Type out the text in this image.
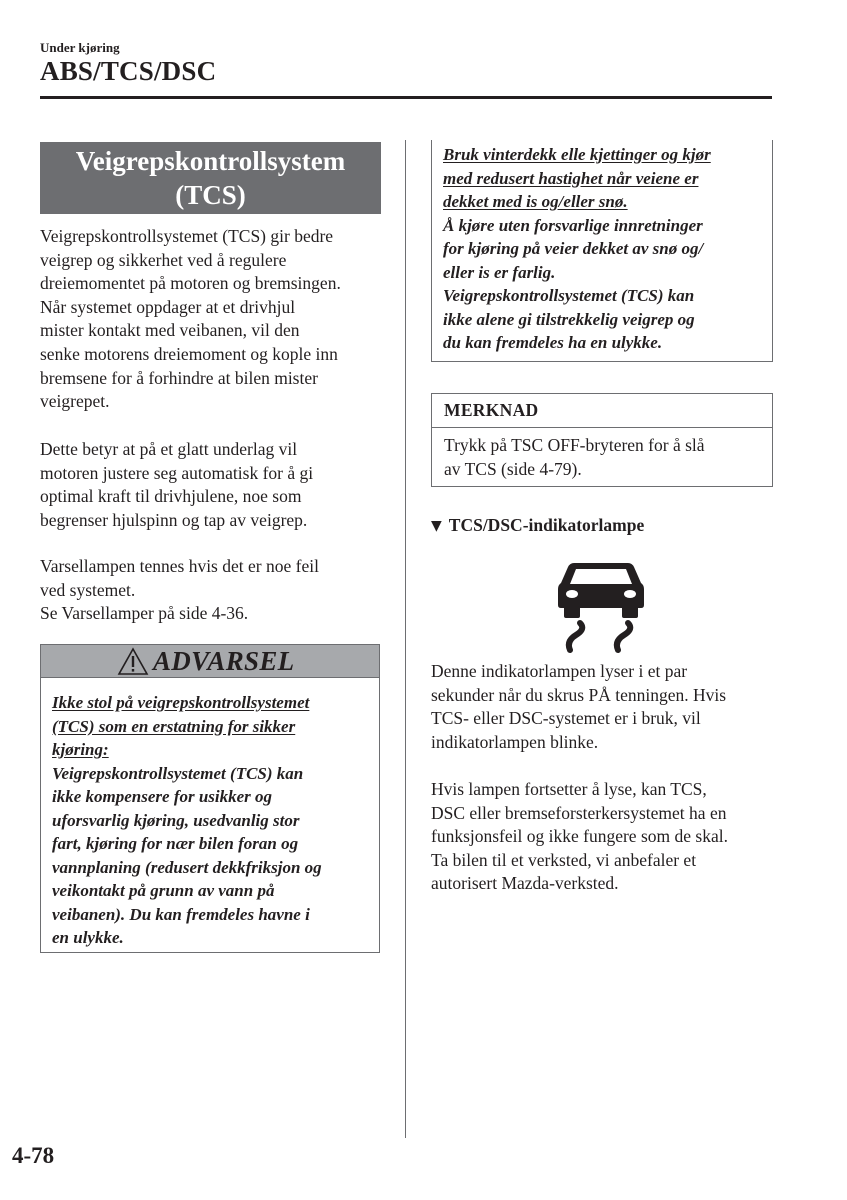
Under kjøring
ABS/TCS/DSC
Veigrepskontrollsystem
(TCS)
Veigrepskontrollsystemet (TCS) gir bedre
veigrep og sikkerhet ved å regulere
dreiemomentet på motoren og bremsingen.
Når systemet oppdager at et drivhjul
mister kontakt med veibanen, vil den
senke motorens dreiemoment og kople inn
bremsene for å forhindre at bilen mister
veigrepet.
Dette betyr at på et glatt underlag vil
motoren justere seg automatisk for å gi
optimal kraft til drivhjulene, noe som
begrenser hjulspinn og tap av veigrep.
Varsellampen tennes hvis det er noe feil
ved systemet.
Se Varsellamper på side 4-36.
ADVARSEL
Ikke stol på veigrepskontrollsystemet
(TCS) som en erstatning for sikker
kjøring:
Veigrepskontrollsystemet (TCS) kan
ikke kompensere for usikker og
uforsvarlig kjøring, usedvanlig stor
fart, kjøring for nær bilen foran og
vannplaning (redusert dekkfriksjon og
veikontakt på grunn av vann på
veibanen). Du kan fremdeles havne i
en ulykke.
Bruk vinterdekk elle kjettinger og kjør
med redusert hastighet når veiene er
dekket med is og/eller snø.
Å kjøre uten forsvarlige innretninger
for kjøring på veier dekket av snø og/
eller is er farlig.
Veigrepskontrollsystemet (TCS) kan
ikke alene gi tilstrekkelig veigrep og
du kan fremdeles ha en ulykke.
MERKNAD
Trykk på TSC OFF-bryteren for å slå
av TCS (side 4-79).
▼ TCS/DSC-indikatorlampe
Denne indikatorlampen lyser i et par
sekunder når du skrus PÅ tenningen. Hvis
TCS- eller DSC-systemet er i bruk, vil
indikatorlampen blinke.
Hvis lampen fortsetter å lyse, kan TCS,
DSC eller bremseforsterkersystemet ha en
funksjonsfeil og ikke fungere som de skal.
Ta bilen til et verksted, vi anbefaler et
autorisert Mazda-verksted.
4-78
